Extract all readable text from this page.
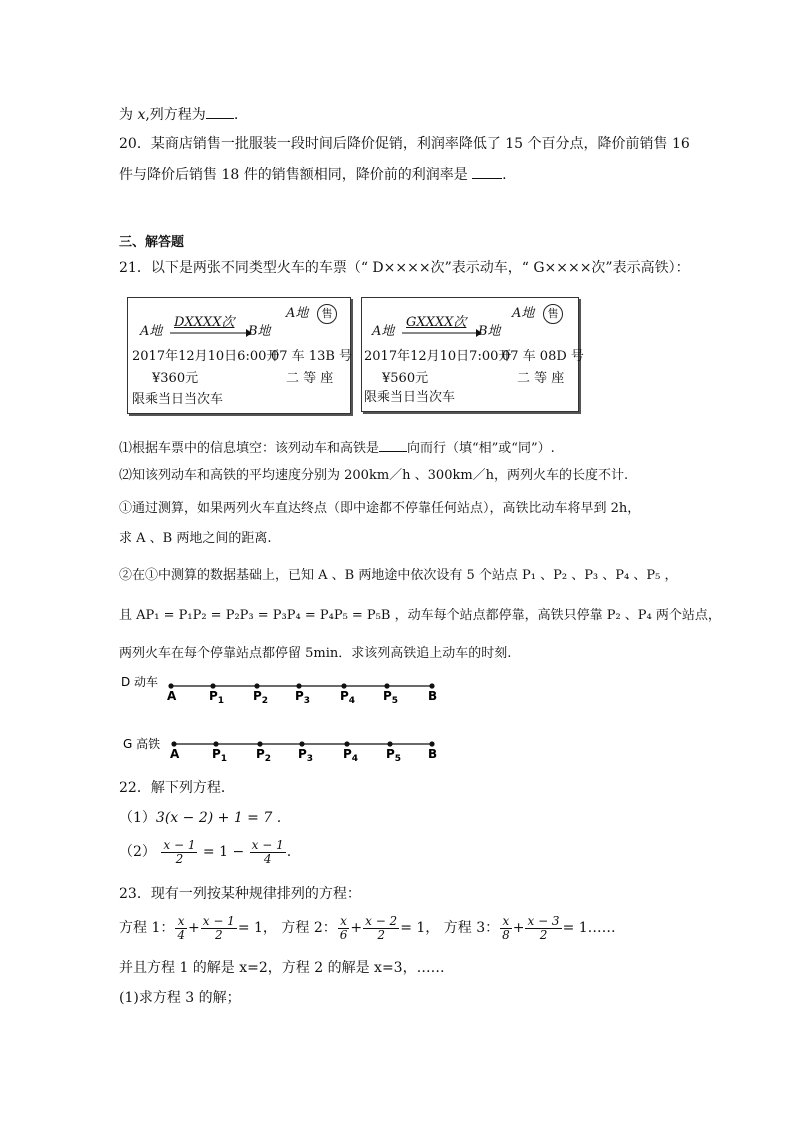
为 x,列方程为 .
20．某商店销售一批服装一段时间后降价促销，利润率降低了 15 个百分点，降价前销售 16
件与降价后销售 18 件的销售额相同，降价前的利润率是 .
三、解答题
21．以下是两张不同类型火车的车票（“ D××××次”表示动车，“ G××××次”表示高铁）：
A地	售
A地
DXXXX次
B地
2017年12月10日6:00开
07 车 13B 号
¥360元	二 等 座
限乘当日当次车
A地	售
A地
GXXXX次
B地
2017年12月10日7:00开
07 车 08D 号
¥560元	二 等 座
限乘当日当次车
⑴根据车票中的信息填空：该列动车和高铁是 向而行（填“相”或“同”）.
⑵知该列动车和高铁的平均速度分别为 200km／h 、300km／h，两列火车的长度不计.
①通过测算，如果两列火车直达终点（即中途都不停靠任何站点），高铁比动车将早到 2h，
求 A 、B 两地之间的距离.
②在①中测算的数据基础上，已知 A 、B 两地途中依次设有 5 个站点 P₁ 、P₂ 、P₃ 、P₄ 、P₅ ，
且 AP₁ = P₁P₂ = P₂P₃ = P₃P₄ = P₄P₅ = P₅B ，动车每个站点都停靠，高铁只停靠 P₂ 、P₄ 两个站点，
两列火车在每个停靠站点都停留 5min．求该列高铁追上动车的时刻.
D 动车
A	$P_1$ $P_2$ $P_3$ $P_4$ $P_5$ B
G 高铁
A	$P_1$ $P_2$ $P_3$ $P_4$ $P_5$ B
22．解下列方程．
（1）3(x − 2) + 1 = 7 .
$(2) \frac{x - 1}{2} = 1 - \frac{x - 1}{4}$ .
23．现有一列按某种规律排列的方程：
方程 1： $\frac{x}{4} + \frac{x - 1}{2} = 1$， 方程 2： $\frac{x}{6} + \frac{x - 2}{2} = 1$， 方程 3： $\frac{x}{8} + \frac{x - 3}{2}$ = 1……
并且方程 1 的解是 x=2，方程 2 的解是 x=3，……
(1)求方程 3 的解；
